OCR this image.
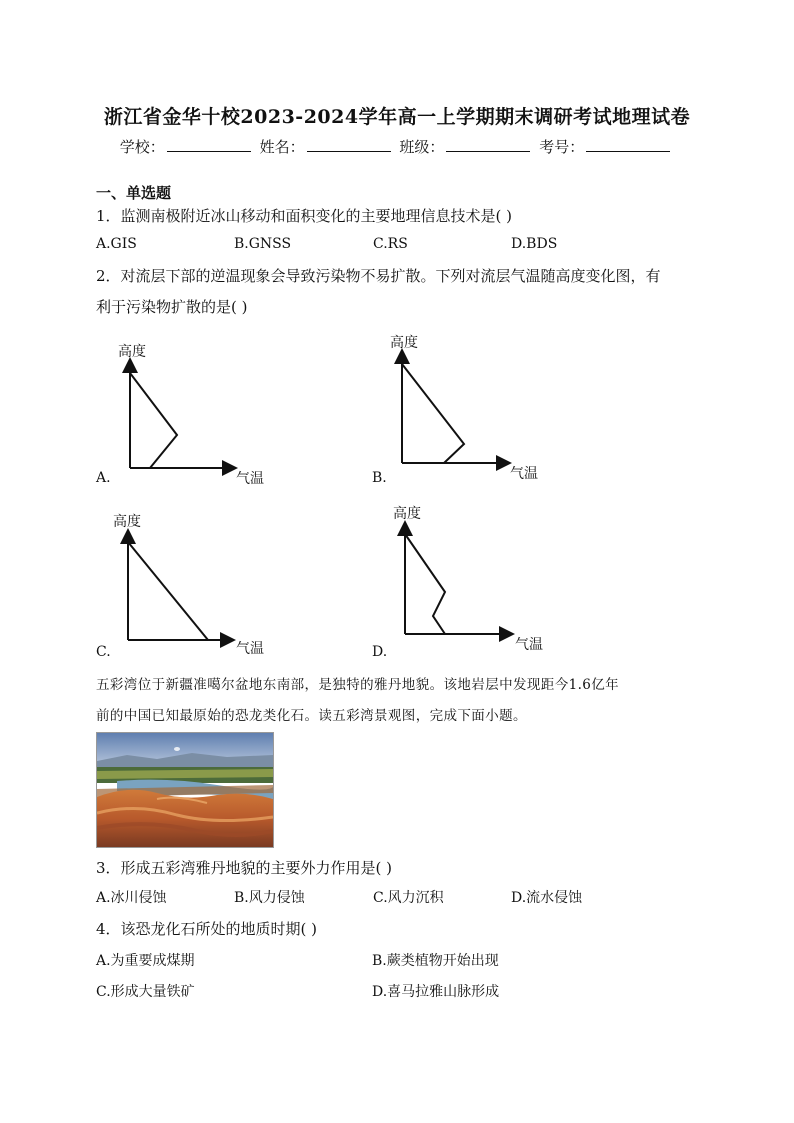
浙江省金华十校2023-2024学年高一上学期期末调研考试地理试卷
学校：	姓名：	班级：	考号：
一、单选题
1．监测南极附近冰山移动和面积变化的主要地理信息技术是( )
A.GIS	B.GNSS	C.RS	D.BDS
2．对流层下部的逆温现象会导致污染物不易扩散。下列对流层气温随高度变化图，有
利于污染物扩散的是( )
高度
气温
A.
高度
气温
B.
高度
气温
C.
高度
气温
D.
五彩湾位于新疆准噶尔盆地东南部，是独特的雅丹地貌。该地岩层中发现距今1.6亿年
前的中国已知最原始的恐龙类化石。读五彩湾景观图，完成下面小题。
3．形成五彩湾雅丹地貌的主要外力作用是( )
A.冰川侵蚀	B.风力侵蚀	C.风力沉积	D.流水侵蚀
4．该恐龙化石所处的地质时期( )
A.为重要成煤期	B.蕨类植物开始出现
C.形成大量铁矿	D.喜马拉雅山脉形成
